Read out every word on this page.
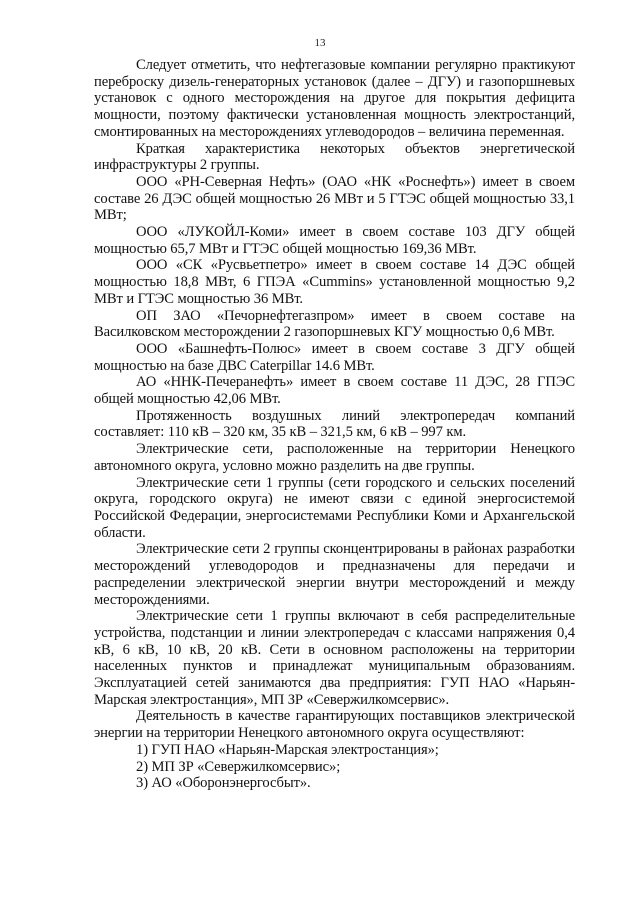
13

Следует отметить, что нефтегазовые компании регулярно практикуют переброску дизель-генераторных установок (далее – ДГУ) и газопоршневых установок с одного месторождения на другое для покрытия дефицита мощности, поэтому фактически установленная мощность электростанций, смонтированных на месторождениях углеводородов – величина переменная.

Краткая характеристика некоторых объектов энергетической инфраструктуры 2 группы.

ООО «РН-Северная Нефть» (ОАО «НК «Роснефть») имеет в своем составе 26 ДЭС общей мощностью 26 МВт и 5 ГТЭС общей мощностью 33,1 МВт;

ООО «ЛУКОЙЛ-Коми» имеет в своем составе 103 ДГУ общей мощностью 65,7 МВт и ГТЭС общей мощностью 169,36 МВт.

ООО «СК «Русвьетпетро» имеет в своем составе 14 ДЭС общей мощностью 18,8 МВт, 6 ГПЭА «Cummins» установленной мощностью 9,2 МВт и ГТЭС мощностью 36 МВт.

ОП ЗАО «Печорнефтегазпром» имеет в своем составе на Василковском месторождении 2 газопоршневых КГУ мощностью 0,6 МВт.

ООО «Башнефть-Полюс» имеет в своем составе 3 ДГУ общей мощностью на базе ДВС Caterpillar 14.6 МВт.

АО «ННК-Печеранефть» имеет в своем составе 11 ДЭС, 28 ГПЭС общей мощностью 42,06 МВт.

Протяженность воздушных линий электропередач компаний составляет: 110 кВ – 320 км, 35 кВ – 321,5 км, 6 кВ – 997 км.

Электрические сети, расположенные на территории Ненецкого автономного округа, условно можно разделить на две группы.

Электрические сети 1 группы (сети городского и сельских поселений округа, городского округа) не имеют связи с единой энергосистемой Российской Федерации, энергосистемами Республики Коми и Архангельской области.

Электрические сети 2 группы сконцентрированы в районах разработки месторождений углеводородов и предназначены для передачи и распределении электрической энергии внутри месторождений и между месторождениями.

Электрические сети 1 группы включают в себя распределительные устройства, подстанции и линии электропередач с классами напряжения 0,4 кВ, 6 кВ, 10 кВ, 20 кВ. Сети в основном расположены на территории населенных пунктов и принадлежат муниципальным образованиям. Эксплуатацией сетей занимаются два предприятия: ГУП НАО «Нарьян-Марская электростанция», МП ЗР «Севержилкомсервис».

Деятельность в качестве гарантирующих поставщиков электрической энергии на территории Ненецкого автономного округа осуществляют:

1) ГУП НАО «Нарьян-Марская электростанция»;

2) МП ЗР «Севержилкомсервис»;

3) АО «Оборонэнергосбыт».
